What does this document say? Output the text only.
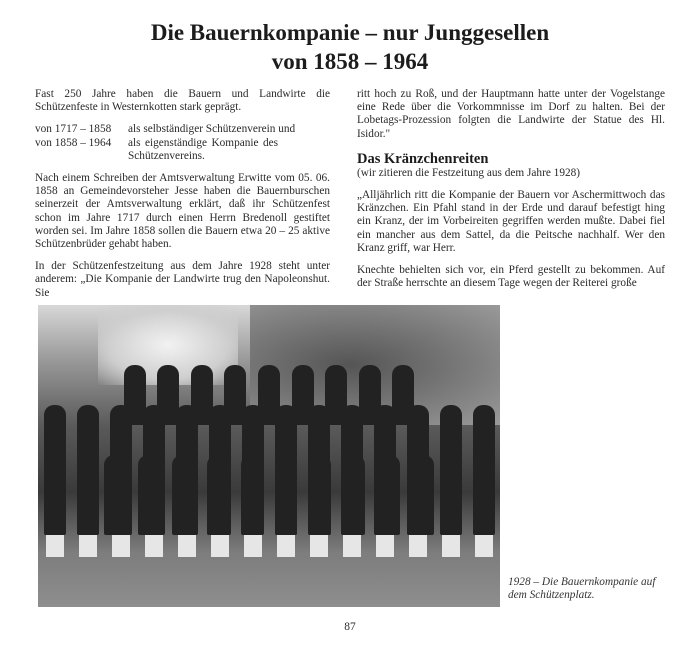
Die Bauernkompanie – nur Junggesellen
von 1858 – 1964

Fast 250 Jahre haben die Bauern und Landwirte die Schützenfeste in Westernkotten stark geprägt.

von 1717 – 1858	als selbständiger Schützenverein und
von 1858 – 1964	als eigenständige Kompanie des Schützenvereins.

Nach einem Schreiben der Amtsverwaltung Erwitte vom 05. 06. 1858 an Gemeindevorsteher Jesse haben die Bauernburschen seinerzeit der Amtsverwaltung erklärt, daß ihr Schützenfest schon im Jahre 1717 durch einen Herrn Bredenoll gestiftet worden sei. Im Jahre 1858 sollen die Bauern etwa 20 – 25 aktive Schützenbrüder gehabt haben.

In der Schützenfestzeitung aus dem Jahre 1928 steht unter anderem: „Die Kompanie der Landwirte trug den Napoleonshut. Sie

ritt hoch zu Roß, und der Hauptmann hatte unter der Vogelstange eine Rede über die Vorkommnisse im Dorf zu halten. Bei der Lobetags-Prozession folgten die Landwirte der Statue des Hl. Isidor."

Das Kränzchenreiten

(wir zitieren die Festzeitung aus dem Jahre 1928)

„Alljährlich ritt die Kompanie der Bauern vor Aschermittwoch das Kränzchen. Ein Pfahl stand in der Erde und darauf befestigt hing ein Kranz, der im Vorbeireiten gegriffen werden mußte. Dabei fiel ein mancher aus dem Sattel, da die Peitsche nachhalf. Wer den Kranz griff, war Herr.

Knechte behielten sich vor, ein Pferd gestellt zu bekommen. Auf der Straße herrschte an diesem Tage wegen der Reiterei große

1928 – Die Bauernkompanie auf
dem Schützenplatz.
87
